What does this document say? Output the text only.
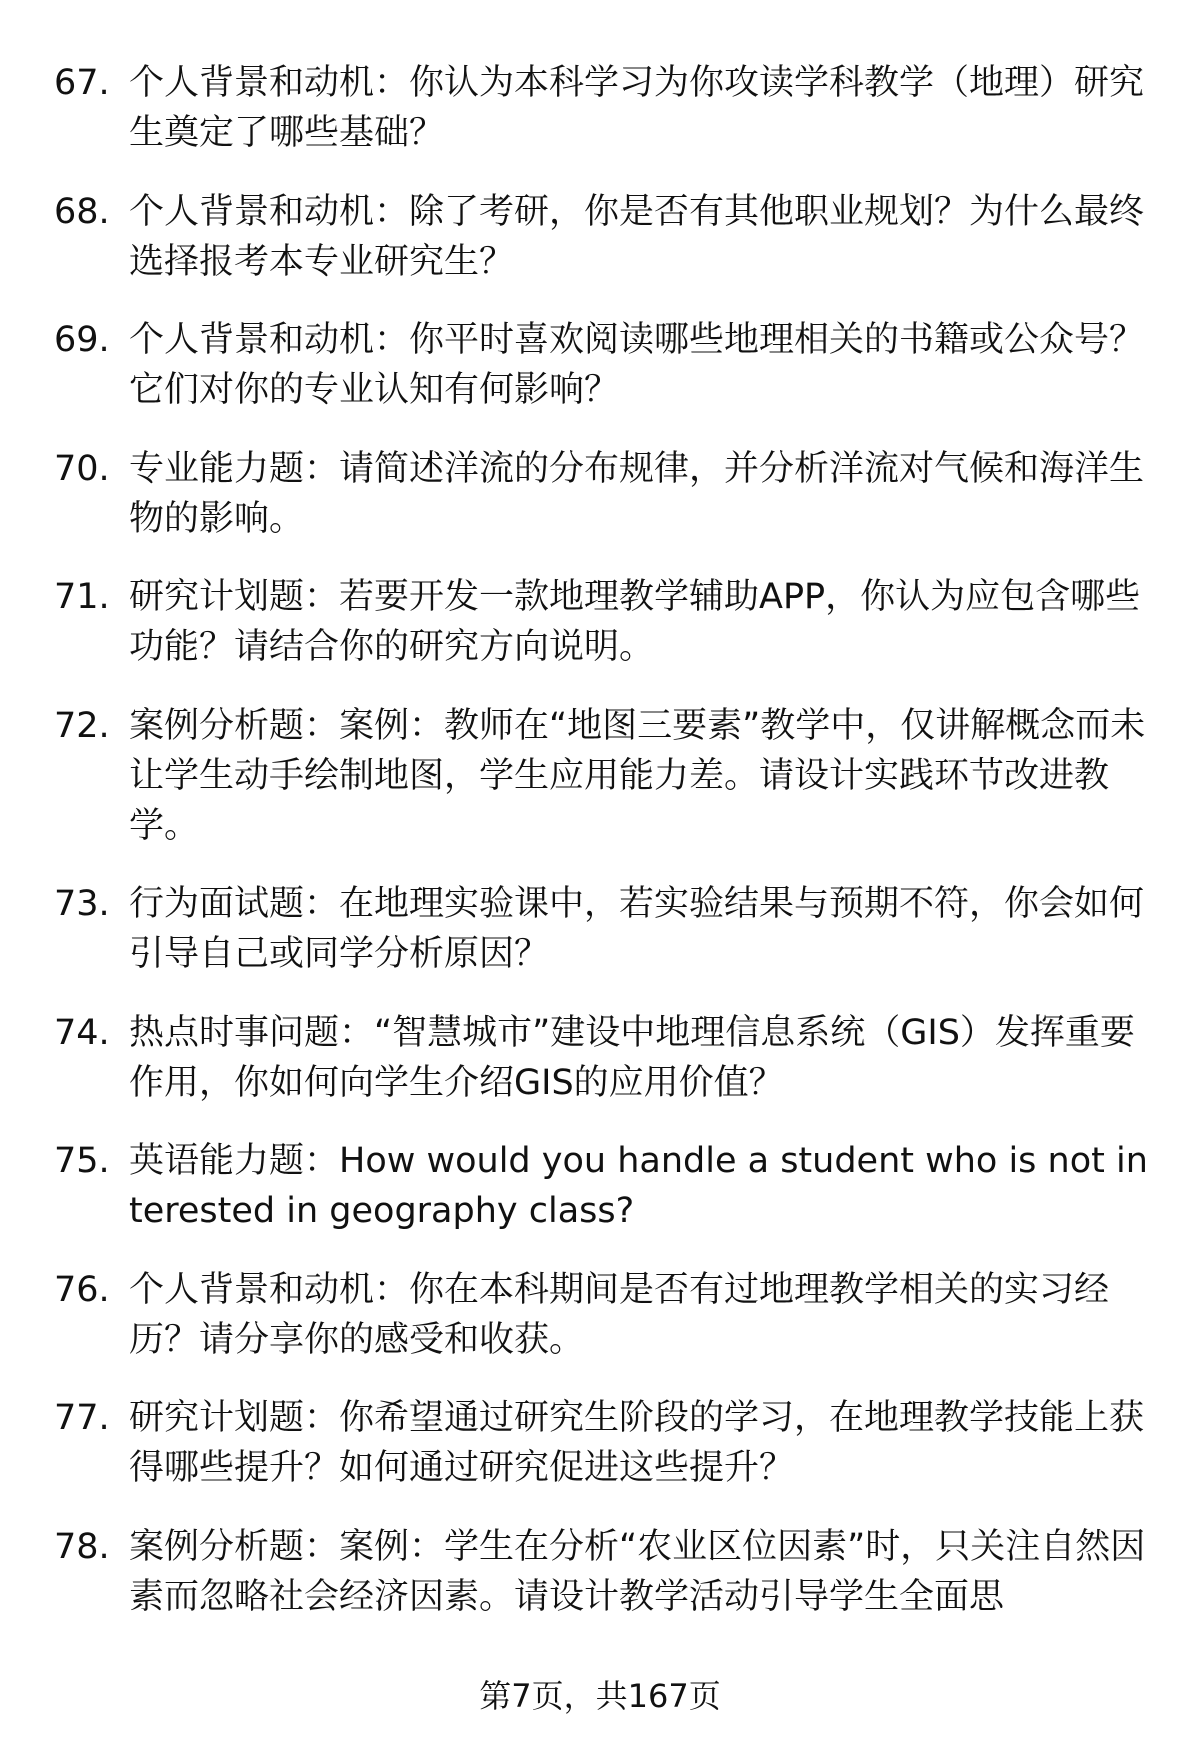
67. 个人背景和动机：你认为本科学习为你攻读学科教学（地理）研究生奠定了哪些基础？
68. 个人背景和动机：除了考研，你是否有其他职业规划？为什么最终选择报考本专业研究生？
69. 个人背景和动机：你平时喜欢阅读哪些地理相关的书籍或公众号？它们对你的专业认知有何影响？
70. 专业能力题：请简述洋流的分布规律，并分析洋流对气候和海洋生物的影响。
71. 研究计划题：若要开发一款地理教学辅助APP，你认为应包含哪些功能？请结合你的研究方向说明。
72. 案例分析题：案例：教师在“地图三要素”教学中，仅讲解概念而未让学生动手绘制地图，学生应用能力差。请设计实践环节改进教学。
73. 行为面试题：在地理实验课中，若实验结果与预期不符，你会如何引导自己或同学分析原因？
74. 热点时事问题：“智慧城市”建设中地理信息系统（GIS）发挥重要作用，你如何向学生介绍GIS的应用价值？
75. 英语能力题：How would you handle a student who is not interested in geography class?
76. 个人背景和动机：你在本科期间是否有过地理教学相关的实习经历？请分享你的感受和收获。
77. 研究计划题：你希望通过研究生阶段的学习，在地理教学技能上获得哪些提升？如何通过研究促进这些提升？
78. 案例分析题：案例：学生在分析“农业区位因素”时，只关注自然因素而忽略社会经济因素。请设计教学活动引导学生全面思
第7页，共167页
